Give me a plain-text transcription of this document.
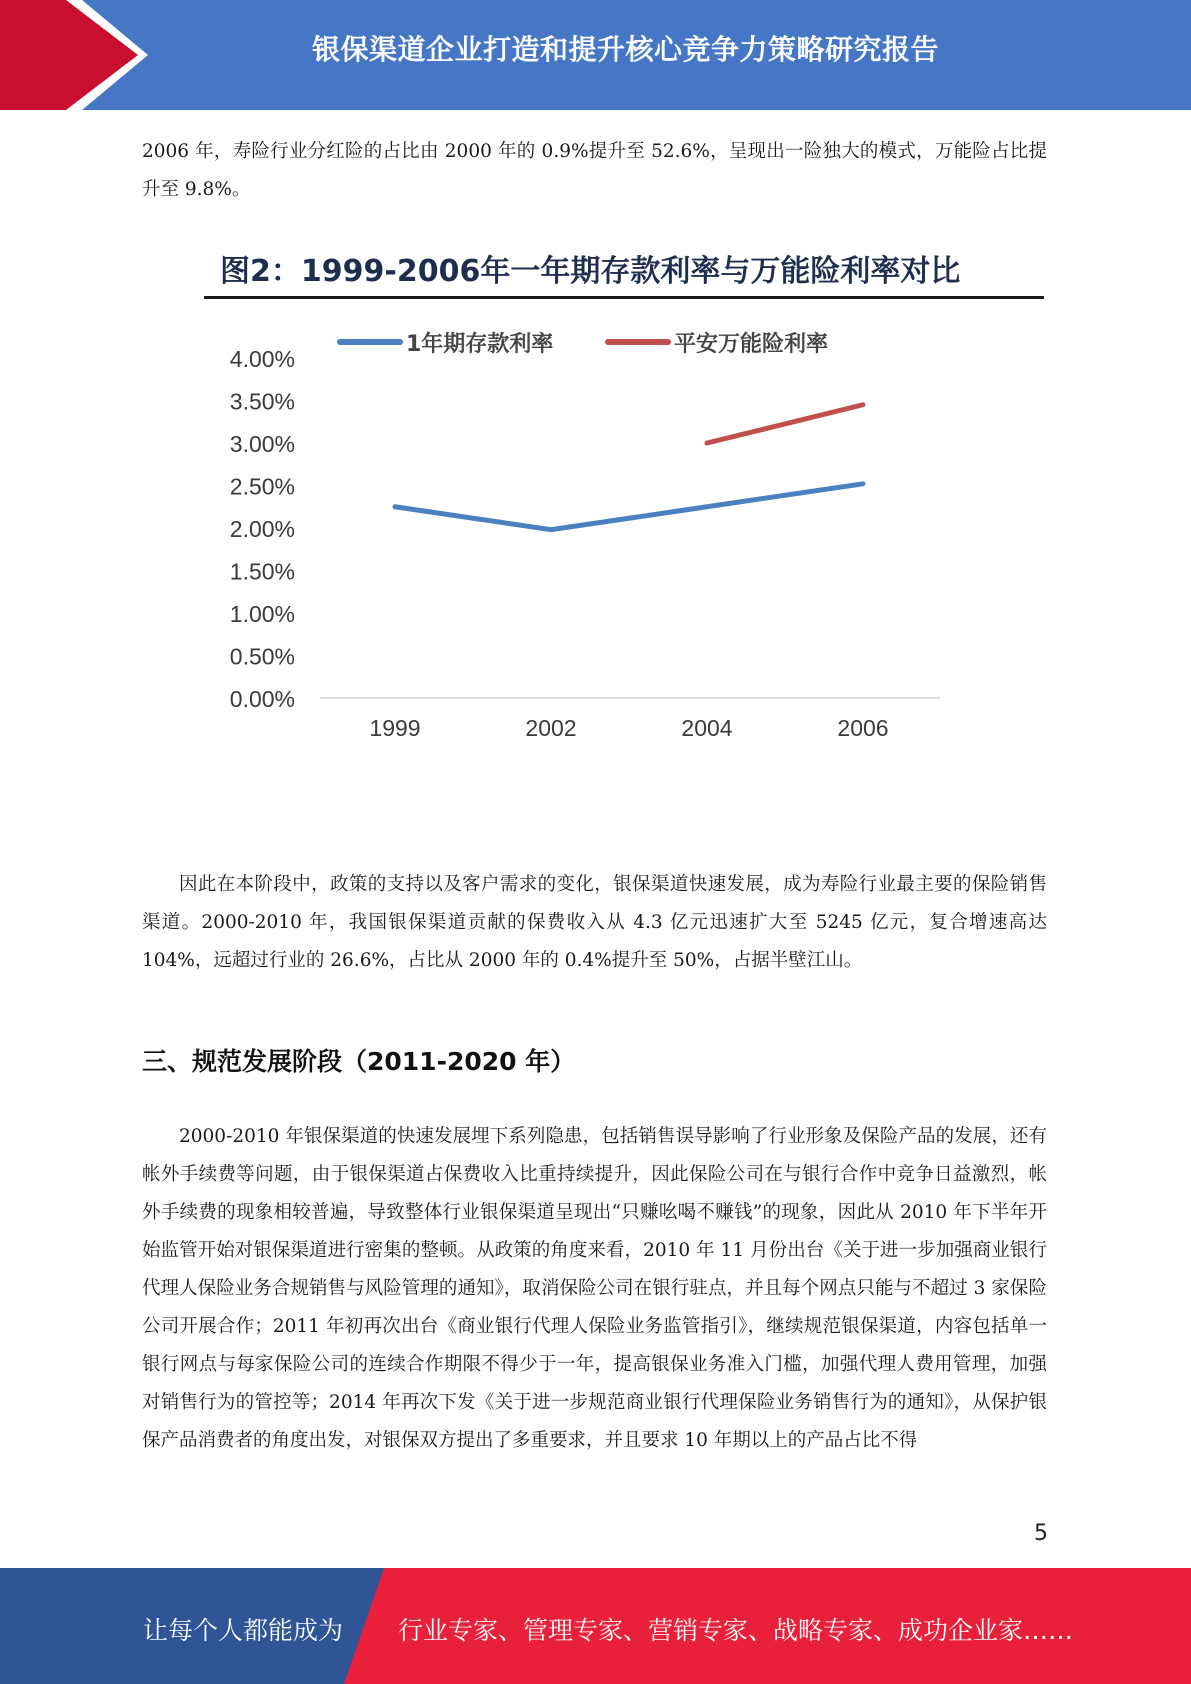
银保渠道企业打造和提升核心竞争力策略研究报告

2006 年，寿险行业分红险的占比由 2000 年的 0.9%提升至 52.6%，呈现出一险独大的模式，万能险占比提升至 9.8%。

图2：1999-2006年一年期存款利率与万能险利率对比
1年期存款利率	平安万能险利率
4.00%
3.50%
3.00%
2.50%
2.00%
1.50%
1.00%
0.50%
0.00%
1999	2002	2004	2006

因此在本阶段中，政策的支持以及客户需求的变化，银保渠道快速发展，成为寿险行业最主要的保险销售渠道。2000-2010 年，我国银保渠道贡献的保费收入从 4.3 亿元迅速扩大至 5245 亿元，复合增速高达 104%，远超过行业的 26.6%，占比从 2000 年的 0.4%提升至 50%，占据半壁江山。

三、规范发展阶段（2011-2020 年）

2000-2010 年银保渠道的快速发展埋下系列隐患，包括销售误导影响了行业形象及保险产品的发展，还有帐外手续费等问题，由于银保渠道占保费收入比重持续提升，因此保险公司在与银行合作中竞争日益激烈，帐外手续费的现象相较普遍，导致整体行业银保渠道呈现出“只赚吆喝不赚钱”的现象，因此从 2010 年下半年开始监管开始对银保渠道进行密集的整顿。从政策的角度来看，2010 年 11 月份出台《关于进一步加强商业银行代理人保险业务合规销售与风险管理的通知》，取消保险公司在银行驻点，并且每个网点只能与不超过 3 家保险公司开展合作；2011 年初再次出台《商业银行代理人保险业务监管指引》，继续规范银保渠道，内容包括单一银行网点与每家保险公司的连续合作期限不得少于一年，提高银保业务准入门槛，加强代理人费用管理，加强对销售行为的管控等；2014 年再次下发《关于进一步规范商业银行代理保险业务销售行为的通知》，从保护银保产品消费者的角度出发，对银保双方提出了多重要求，并且要求 10 年期以上的产品占比不得

5
让每个人都能成为 行业专家、管理专家、营销专家、战略专家、成功企业家……
